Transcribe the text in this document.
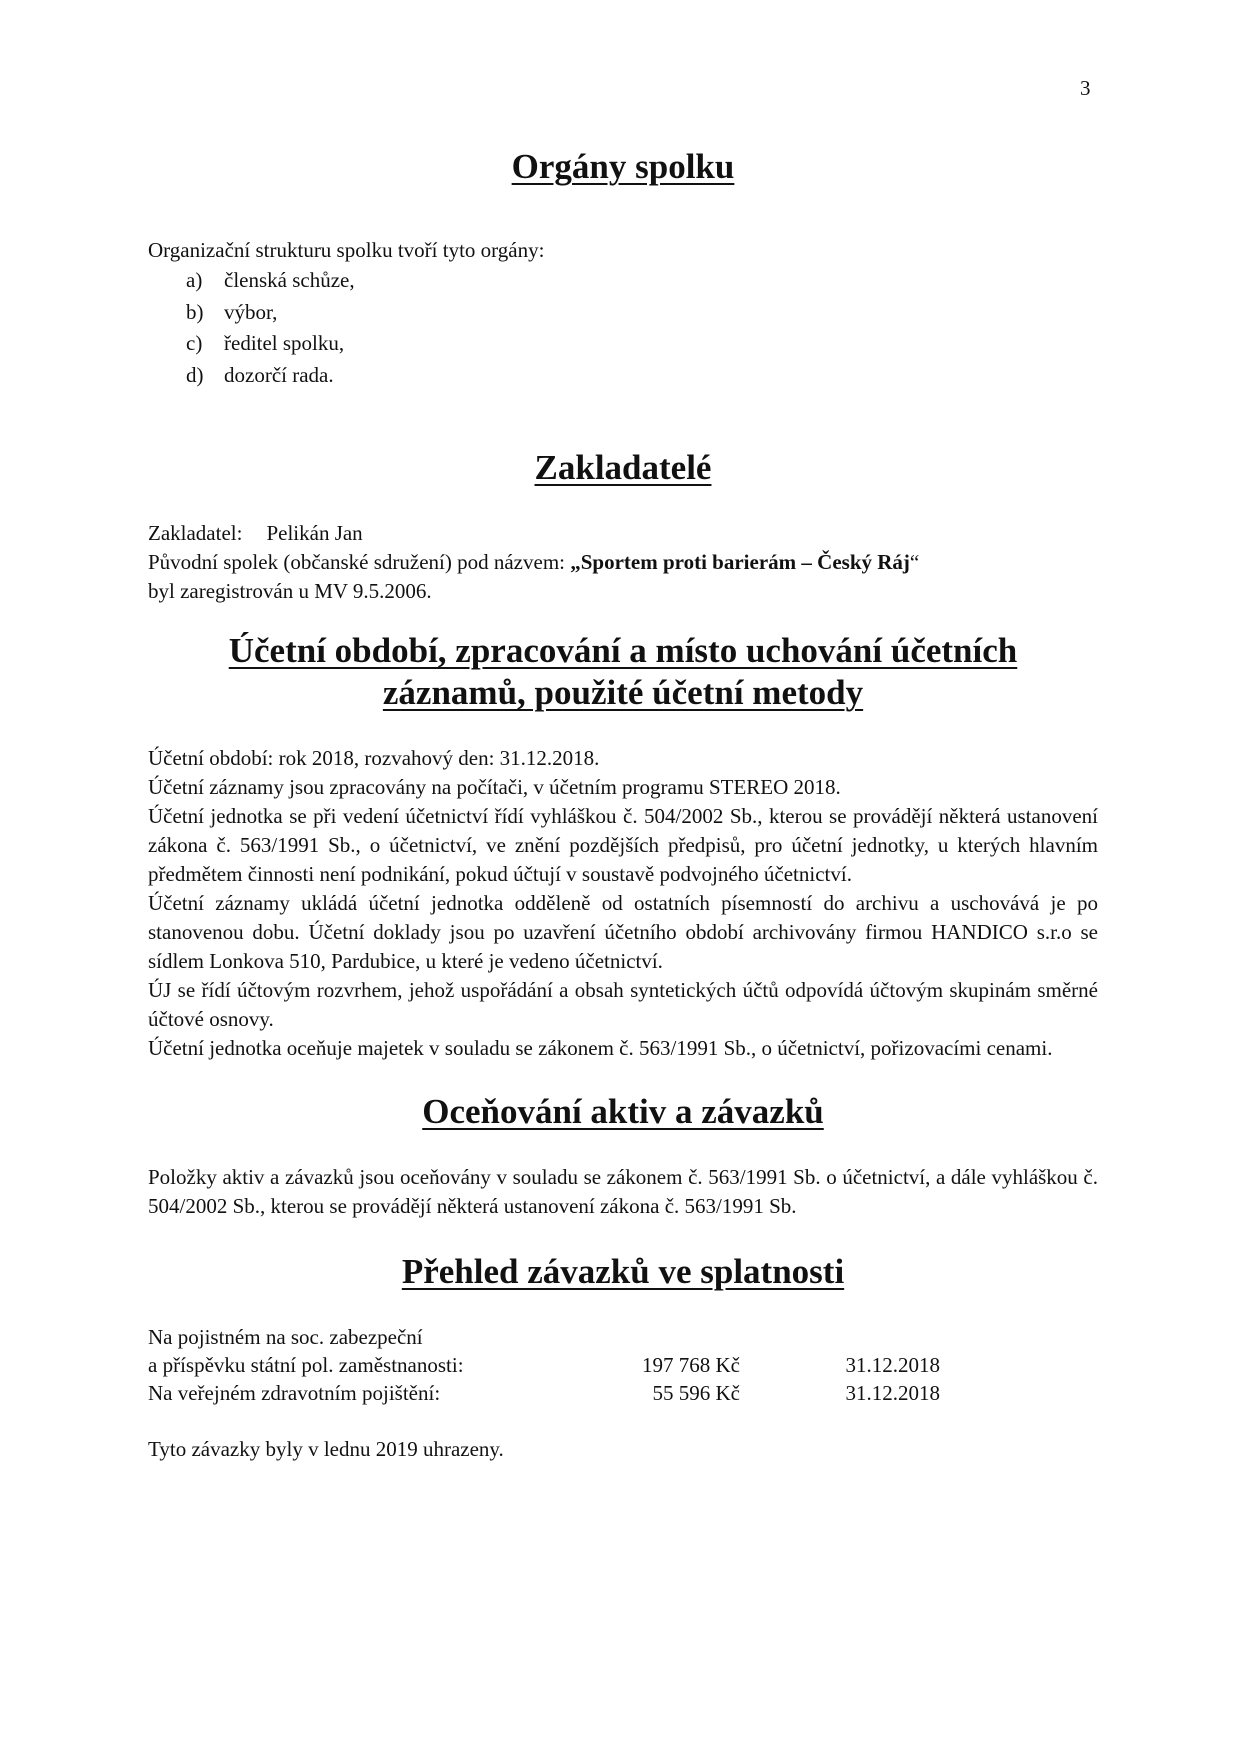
3
Orgány spolku

Organizační strukturu spolku tvoří tyto orgány:

a)	členská schůze,
b) výbor,
c)	ředitel spolku,
d) dozorčí rada.
Zakladatelé

Zakladatel: Pelikán Jan

Původní spolek (občanské sdružení) pod názvem: „Sportem proti barierám – Český Ráj“

byl zaregistrován u MV 9.5.2006.

Účetní období, zpracování a místo uchování účetních
záznamů, použité účetní metody

Účetní období: rok 2018, rozvahový den: 31.12.2018.

Účetní záznamy jsou zpracovány na počítači, v účetním programu STEREO 2018.

Účetní jednotka se při vedení účetnictví řídí vyhláškou č. 504/2002 Sb., kterou se provádějí některá ustanovení zákona č. 563/1991 Sb., o účetnictví, ve znění pozdějších předpisů, pro účetní jednotky, u kterých hlavním předmětem činnosti není podnikání, pokud účtují v soustavě podvojného účetnictví.

Účetní záznamy ukládá účetní jednotka odděleně od ostatních písemností do archivu a uschovává je po stanovenou dobu. Účetní doklady jsou po uzavření účetního období archivovány firmou HANDICO s.r.o se sídlem Lonkova 510, Pardubice, u které je vedeno účetnictví.

ÚJ se řídí účtovým rozvrhem, jehož uspořádání a obsah syntetických účtů odpovídá účtovým skupinám směrné účtové osnovy.

Účetní jednotka oceňuje majetek v souladu se zákonem č. 563/1991 Sb., o účetnictví, pořizovacími cenami.

Oceňování aktiv a závazků

Položky aktiv a závazků jsou oceňovány v souladu se zákonem č. 563/1991 Sb. o účetnictví, a dále vyhláškou č. 504/2002 Sb., kterou se provádějí některá ustanovení zákona č. 563/1991 Sb.

Přehled závazků ve splatnosti
Na pojistném na soc. zabezpeční		
a příspěvku státní pol. zaměstnanosti:	197 768 Kč	31.12.2018
Na veřejném zdravotním pojištění:	55 596 Kč	31.12.2018

Tyto závazky byly v lednu 2019 uhrazeny.
